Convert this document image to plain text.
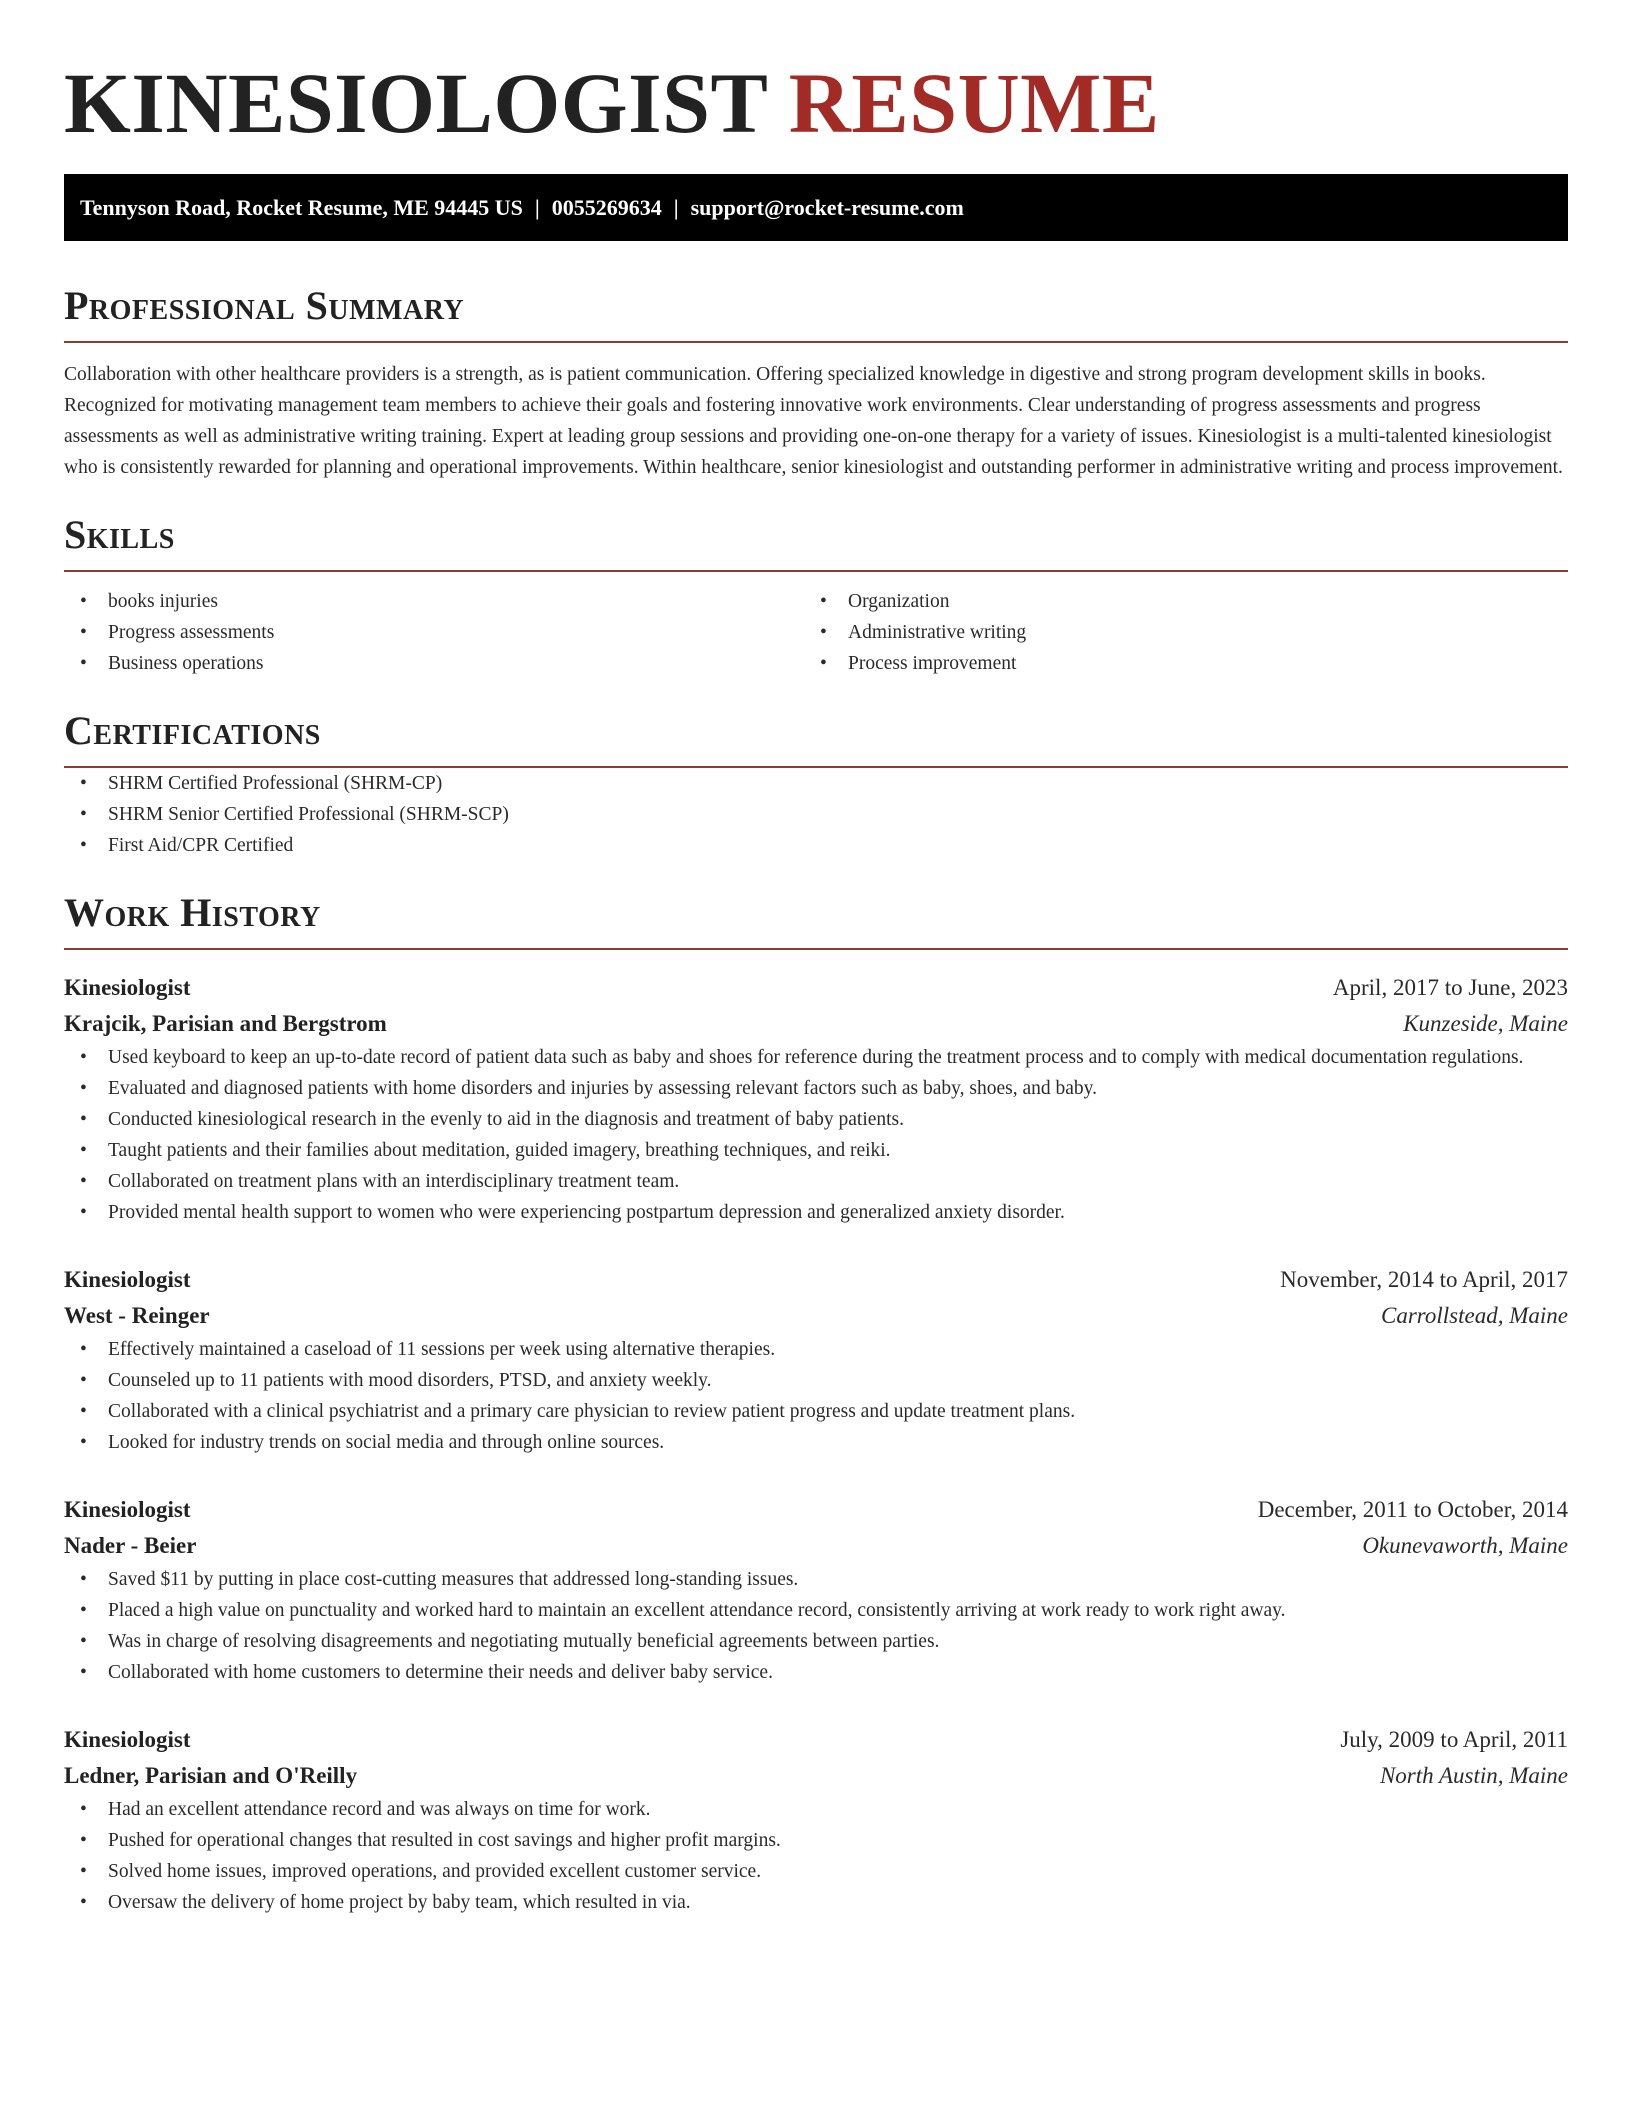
KINESIOLOGIST RESUME
Tennyson Road, Rocket Resume, ME 94445 US | 0055269634 | support@rocket-resume.com
Professional Summary

Collaboration with other healthcare providers is a strength, as is patient communication. Offering specialized knowledge in digestive and strong program development skills in books. Recognized for motivating management team members to achieve their goals and fostering innovative work environments. Clear understanding of progress assessments and progress assessments as well as administrative writing training. Expert at leading group sessions and providing one-on-one therapy for a variety of issues. Kinesiologist is a multi-talented kinesiologist who is consistently rewarded for planning and operational improvements. Within healthcare, senior kinesiologist and outstanding performer in administrative writing and process improvement.

Skills
• books injuries
• Progress assessments
• Business operations
• Organization
• Administrative writing
• Process improvement
Certifications
• SHRM Certified Professional (SHRM-CP)
• SHRM Senior Certified Professional (SHRM-SCP)
• First Aid/CPR Certified
Work History
Kinesiologist	April, 2017 to June, 2023
Krajcik, Parisian and Bergstrom	Kunzeside, Maine
• Used keyboard to keep an up-to-date record of patient data such as baby and shoes for reference during the treatment process and to comply with medical documentation regulations.
• Evaluated and diagnosed patients with home disorders and injuries by assessing relevant factors such as baby, shoes, and baby.
• Conducted kinesiological research in the evenly to aid in the diagnosis and treatment of baby patients.
• Taught patients and their families about meditation, guided imagery, breathing techniques, and reiki.
• Collaborated on treatment plans with an interdisciplinary treatment team.
• Provided mental health support to women who were experiencing postpartum depression and generalized anxiety disorder.
Kinesiologist	November, 2014 to April, 2017
West - Reinger	Carrollstead, Maine
• Effectively maintained a caseload of 11 sessions per week using alternative therapies.
• Counseled up to 11 patients with mood disorders, PTSD, and anxiety weekly.
• Collaborated with a clinical psychiatrist and a primary care physician to review patient progress and update treatment plans.
• Looked for industry trends on social media and through online sources.
Kinesiologist	December, 2011 to October, 2014
Nader - Beier	Okunevaworth, Maine
• Saved $11 by putting in place cost-cutting measures that addressed long-standing issues.
• Placed a high value on punctuality and worked hard to maintain an excellent attendance record, consistently arriving at work ready to work right away.
• Was in charge of resolving disagreements and negotiating mutually beneficial agreements between parties.
• Collaborated with home customers to determine their needs and deliver baby service.
Kinesiologist	July, 2009 to April, 2011
Ledner, Parisian and O'Reilly	North Austin, Maine
• Had an excellent attendance record and was always on time for work.
• Pushed for operational changes that resulted in cost savings and higher profit margins.
• Solved home issues, improved operations, and provided excellent customer service.
• Oversaw the delivery of home project by baby team, which resulted in via.
